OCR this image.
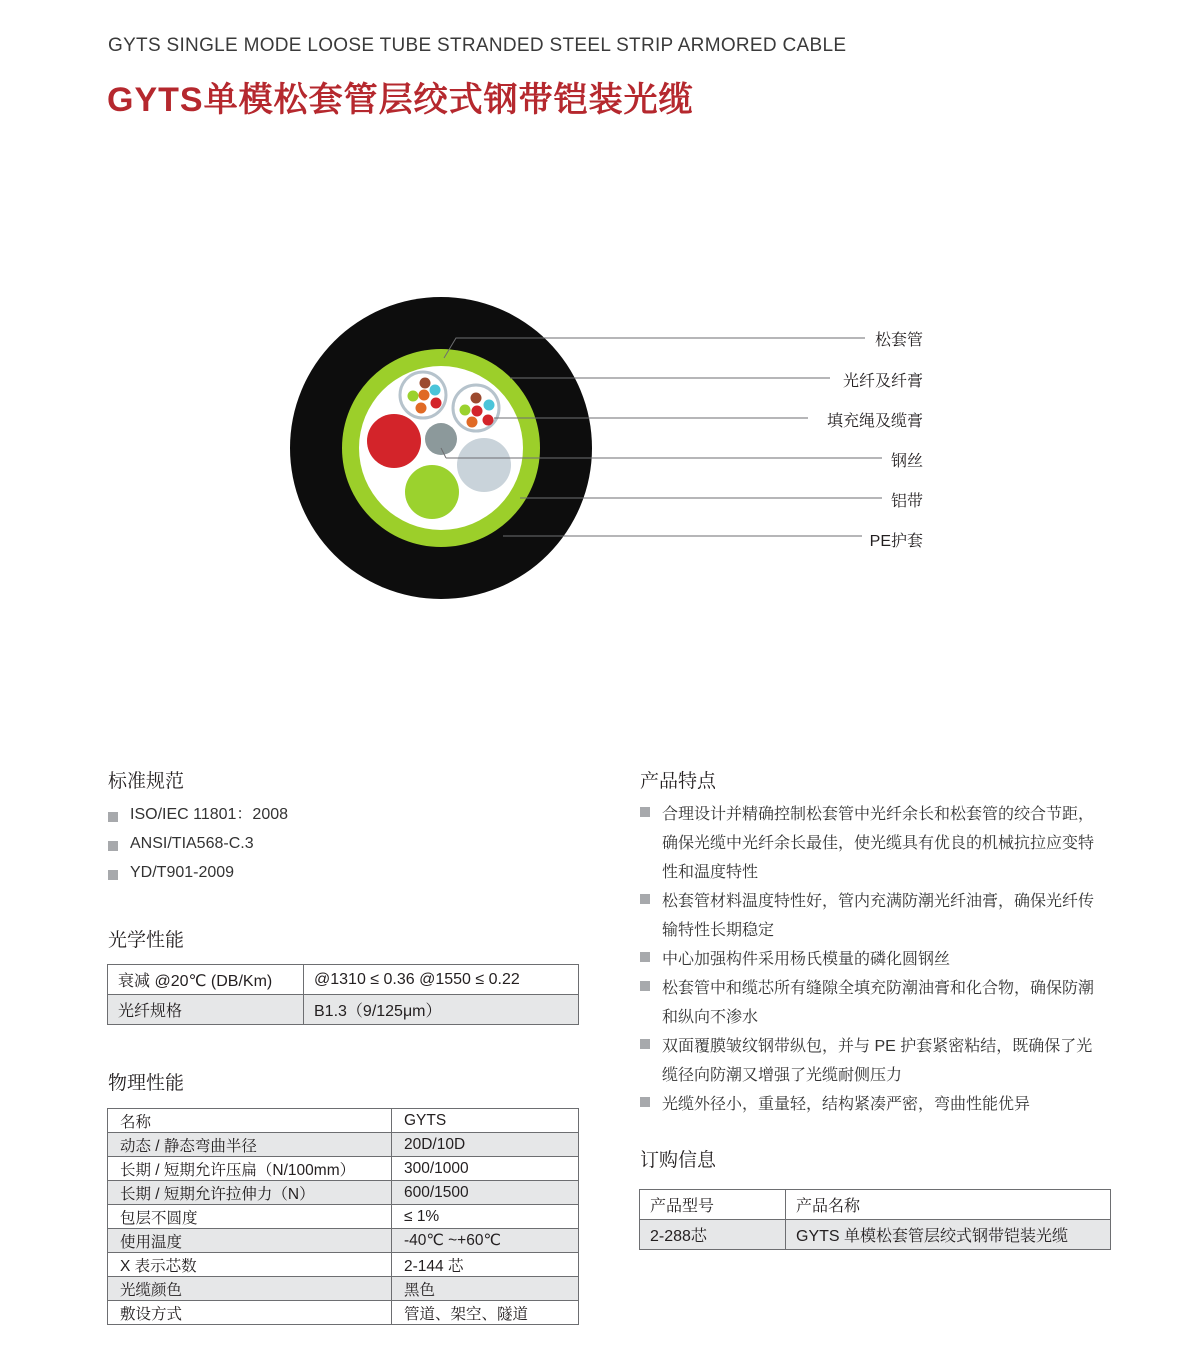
GYTS SINGLE MODE LOOSE TUBE STRANDED STEEL STRIP ARMORED CABLE
GYTS单模松套管层绞式钢带铠装光缆
松套管
光纤及纤膏
填充绳及缆膏
钢丝
铝带
PE护套
标准规范
ISO/IEC 11801：2008
ANSI/TIA568-C.3
YD/T901-2009
光学性能
衰减 @20℃ (DB/Km)	@1310 ≤ 0.36 @1550 ≤ 0.22
光纤规格	B1.3（9/125μm）
物理性能
名称	GYTS
动态 / 静态弯曲半径	20D/10D
长期 / 短期允许压扁（N/100mm）	300/1000
长期 / 短期允许拉伸力（N）	600/1500
包层不圆度	≤ 1%
使用温度	-40℃ ~+60℃
X 表示芯数	2-144 芯
光缆颜色	黑色
敷设方式	管道、架空、隧道
产品特点
合理设计并精确控制松套管中光纤余长和松套管的绞合节距，
确保光缆中光纤余长最佳，使光缆具有优良的机械抗拉应变特
性和温度特性
松套管材料温度特性好，管内充满防潮光纤油膏，确保光纤传
输特性长期稳定
中心加强构件采用杨氏模量的磷化圆钢丝
松套管中和缆芯所有缝隙全填充防潮油膏和化合物，确保防潮
和纵向不渗水
双面覆膜皱纹钢带纵包，并与 PE 护套紧密粘结，既确保了光
缆径向防潮又增强了光缆耐侧压力
光缆外径小，重量轻，结构紧凑严密，弯曲性能优异
订购信息
产品型号	产品名称
2-288芯	GYTS 单模松套管层绞式钢带铠装光缆
